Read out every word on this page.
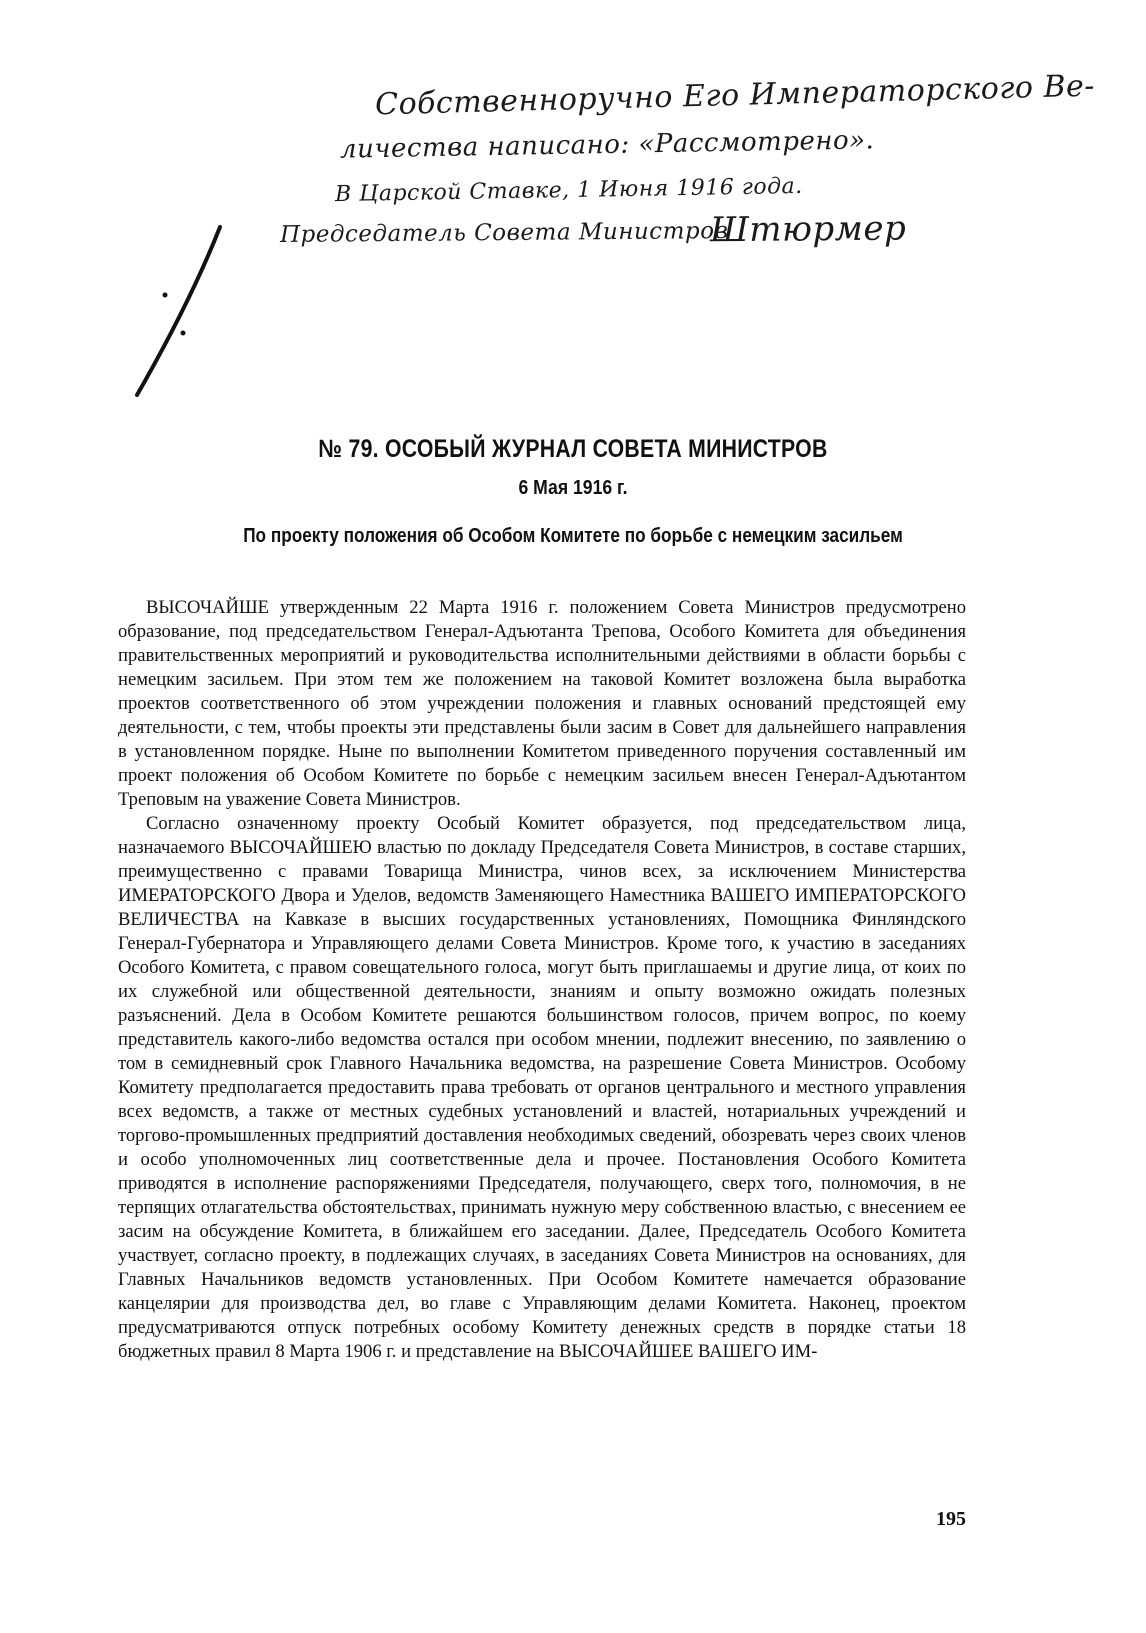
Собственноручно Его Императорского Ве-
личества написано: «Рассмотрено».
В Царской Ставке, 1 Июня 1916 года.
Председатель Совета Министров
Штюрмер
№ 79. ОСОБЫЙ ЖУРНАЛ СОВЕТА МИНИСТРОВ
6 Мая 1916 г.
По проекту положения об Особом Комитете по борьбе с немецким засильем

ВЫСОЧАЙШЕ утвержденным 22 Марта 1916 г. положением Совета Министров предусмотрено образование, под председательством Генерал-Адъютанта Трепова, Особого Комитета для объединения правительственных мероприятий и руководительства исполнительными действиями в области борьбы с немецким засильем. При этом тем же положением на таковой Комитет возложена была выработка проектов соответственного об этом учреждении положения и главных оснований предстоящей ему деятельности, с тем, чтобы проекты эти представлены были засим в Совет для дальнейшего направления в установленном порядке. Ныне по выполнении Комитетом приведенного поручения составленный им проект положения об Особом Комитете по борьбе с немецким засильем внесен Генерал-Адъютантом Треповым на уважение Совета Министров.

Согласно означенному проекту Особый Комитет образуется, под председательством лица, назначаемого ВЫСОЧАЙШЕЮ властью по докладу Председателя Совета Министров, в составе старших, преимущественно с правами Товарища Министра, чинов всех, за исключением Министерства ИМЕРАТОРСКОГО Двора и Уделов, ведомств Заменяющего Наместника ВАШЕГО ИМПЕРАТОРСКОГО ВЕЛИЧЕСТВА на Кавказе в высших государственных установлениях, Помощника Финляндского Генерал-Губернатора и Управляющего делами Совета Министров. Кроме того, к участию в заседаниях Особого Комитета, с правом совещательного голоса, могут быть приглашаемы и другие лица, от коих по их служебной или общественной деятельности, знаниям и опыту возможно ожидать полезных разъяснений. Дела в Особом Комитете решаются большинством голосов, причем вопрос, по коему представитель какого-либо ведомства остался при особом мнении, подлежит внесению, по заявлению о том в семидневный срок Главного Начальника ведомства, на разрешение Совета Министров. Особому Комитету предполагается предоставить права требовать от органов центрального и местного управления всех ведомств, а также от местных судебных установлений и властей, нотариальных учреждений и торгово-промышленных предприятий доставления необходимых сведений, обозревать через своих членов и особо уполномоченных лиц соответственные дела и прочее. Постановления Особого Комитета приводятся в исполнение распоряжениями Председателя, получающего, сверх того, полномочия, в не терпящих отлагательства обстоятельствах, принимать нужную меру собственною властью, с внесением ее засим на обсуждение Комитета, в ближайшем его заседании. Далее, Председатель Особого Комитета участвует, согласно проекту, в подлежащих случаях, в заседаниях Совета Министров на основаниях, для Главных Начальников ведомств установленных. При Особом Комитете намечается образование канцелярии для производства дел, во главе с Управляющим делами Комитета. Наконец, проектом предусматриваются отпуск потребных особому Комитету денежных средств в порядке статьи 18 бюджетных правил 8 Марта 1906 г. и представление на ВЫСОЧАЙШЕЕ ВАШЕГО ИМ-

195
